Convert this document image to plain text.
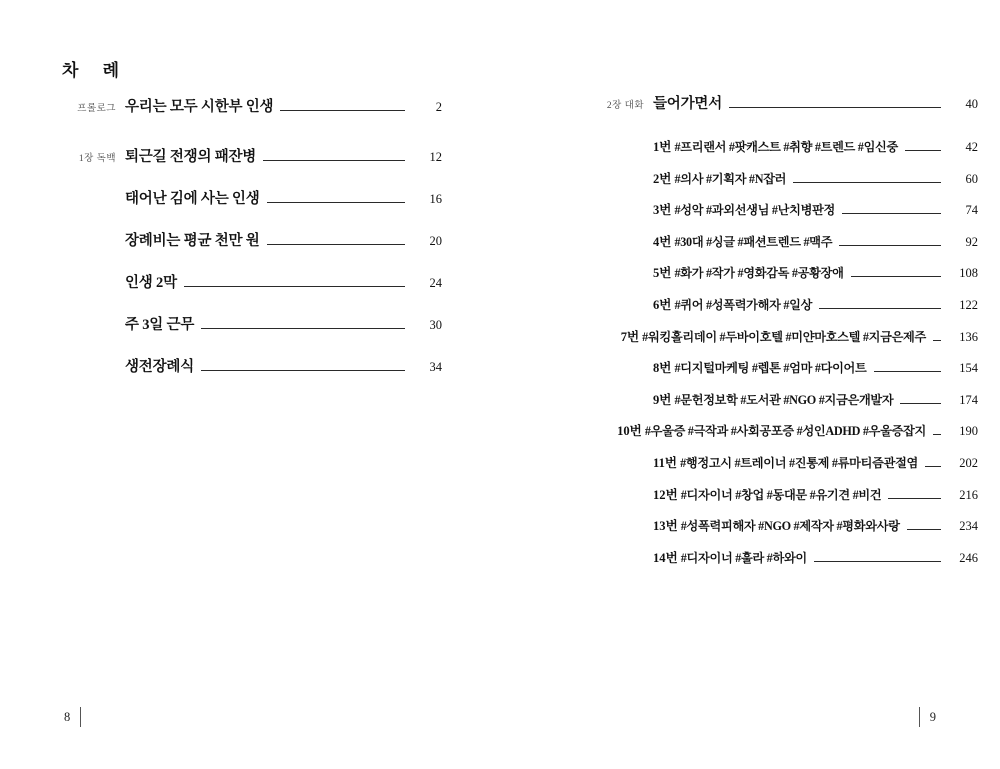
차 례
프롤로그 우리는 모두 시한부 인생	2
1장 독백 퇴근길 전쟁의 패잔병	12
태어난 김에 사는 인생	16
장례비는 평균 천만 원	20
인생 2막	24
주 3일 근무	30
생전장례식	34
8
2장 대화 들어가면서	40
1번 #프리랜서 #팟캐스트 #취향 #트렌드 #임신중	42
2번 #의사 #기획자 #N잡러	60
3번 #성악 #과외선생님 #난치병판정	74
4번 #30대 #싱글 #패션트렌드 #맥주	92
5번 #화가 #작가 #영화감독 #공황장애	108
6번 #퀴어 #성폭력가해자 #일상	122
7번 #워킹홀리데이 #두바이호텔 #미얀마호스텔 #지금은제주	136
8번 #디지털마케팅 #렙톤 #엄마 #다이어트	154
9번 #문헌정보학 #도서관 #NGO #지금은개발자	174
10번 #우울증 #극작과 #사회공포증 #성인ADHD #우울증잡지	190
11번 #행정고시 #트레이너 #진통제 #류마티즘관절염	202
12번 #디자이너 #창업 #동대문 #유기견 #비건	216
13번 #성폭력피해자 #NGO #제작자 #평화와사랑	234
14번 #디자이너 #훌라 #하와이	246
9
